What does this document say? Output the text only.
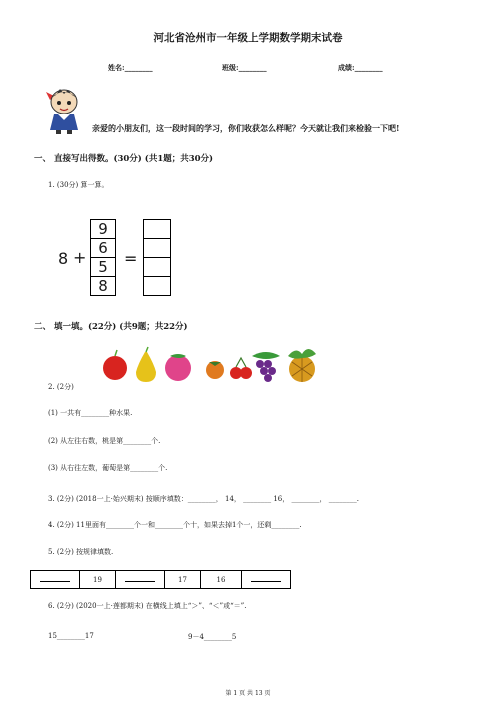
河北省沧州市一年级上学期数学期末试卷
姓名:________	班级:________	成绩:________
亲爱的小朋友们，这一段时间的学习，你们收获怎么样呢？今天就让我们来检验一下吧!
一、 直接写出得数。(30分) (共1题；共30分)
1. (30分) 算一算。
8 +
9
6
5
8
=
二、 填一填。(22分) (共9题；共22分)
2. (2分)
(1) 一共有________种水果.
(2) 从左往右数，桃是第________个.
(3) 从右往左数，葡萄是第________个.
3. (2分) (2018一上·始兴期末) 按顺序填数：________， 14， ________ 16， ________， ________.
4. (2分) 11里面有________个一和________个十，如果去掉1个一，还剩________.
5. (2分) 按规律填数.
	19		17	16	
6. (2分) (2020一上·莲都期末) 在横线上填上“＞”、“＜”或“＝”.
15________17	9－4________5
第 1 页 共 13 页
